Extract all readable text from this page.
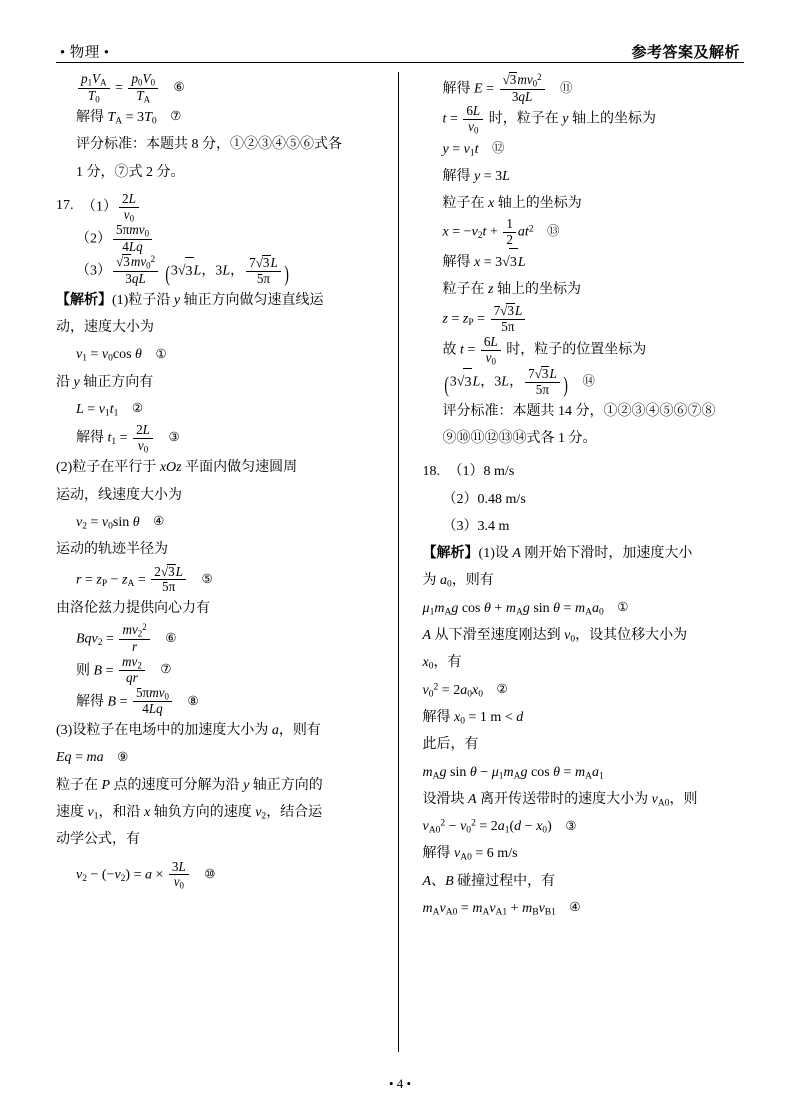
• 物理 •	参考答案及解析

$\frac{p_1V_A}{T_0} = \frac{p_0V_0}{T_A}$ ⑥

解得 $T_A = 3T_0$ ⑦

评分标准：本题共 8 分，①②③④⑤⑥式各

1 分，⑦式 2 分。

17. $(1) \frac{2L}{v_0}$

$(2) \frac{5\pi mv_0}{4Lq}$

$(3) \frac{√3mv_0^2}{3qL} (3√3L$，3L， $\frac{7√3L}{5\pi}$ )

【解析】(1)粒子沿 y 轴正方向做匀速直线运

动，速度大小为

$v_1 = v_0\cos$ θ ①

沿 y 轴正方向有

$L = v_1t_1$ ②

解得 $t_1 = \frac{2L}{v_0}$ ③

(2)粒子在平行于 xOz 平面内做匀速圆周

运动，线速度大小为

$v_2 = v_0\sin$ θ ④

运动的轨迹半径为

$r = z_P - z_A = \frac{2√3L}{5\pi}$ ⑤

由洛伦兹力提供向心力有

$Bqv_2 = \frac{mv_2^2}{r}$ ⑥

则 $B = \frac{mv_2}{qr}$ ⑦

解得 $B = \frac{5\pi mv_0}{4Lq}$ ⑧

(3)设粒子在电场中的加速度大小为 a，则有

Eq = ma ⑨

粒子在 P 点的速度可分解为沿 y 轴正方向的

速度 $v_1$，和沿 x 轴负方向的速度 $v_2$，结合运

动学公式，有

$v_2 - (-v_2) = a \times \frac{3L}{v_0}$ ⑩

解得 $E = \frac{√3mv_0^2}{3qL}$ ⑪

$t = \frac{6L}{v_0}$ 时，粒子在 y 轴上的坐标为

$y = v_1t$ ⑫

解得 y = 3L

粒子在 x 轴上的坐标为

$x = -v_2t + \frac{1}{2} at^2$ ⑬

解得 x = 3√3L

粒子在 z 轴上的坐标为

$z = z_P = \frac{7√3L}{5\pi}$

故 $t = \frac{6L}{v_0}$ 时，粒子的位置坐标为

(3√3L，3L， $\frac{7√3L}{5\pi}$ ) ⑭

评分标准：本题共 14 分，①②③④⑤⑥⑦⑧

⑨⑩⑪⑫⑬⑭式各 1 分。

18. （1）8 m/s

（2）0.48 m/s

（3）3.4 m

【解析】(1)设 A 刚开始下滑时，加速度大小

为 $a_0$，则有

$\mu_1m_Ag$ $\cos \theta + m_Ag$ $\sin \theta = m_Aa_0$ ①

A 从下滑至速度刚达到 $v_0$，设其位移大小为

$x_0$，有

$v_0^2 = 2a_0x_0$ ②

解得 $x_0 = 1$ m < d

此后，有

$m_Ag$ $\sin \theta - \mu_1m_Ag$ $\cos \theta = m_Aa_1$

设滑块 A 离开传送带时的速度大小为 $v_{A0}$，则

$v_{A0}^2 - v_0^2 = 2a_1(d - x_0)$ ③

解得 $v_{A0} = 6$ m/s

A、B 碰撞过程中，有

$m_Av_{A0} = m_Av_{A1} + m_Bv_{B1}$ ④

• 4 •
